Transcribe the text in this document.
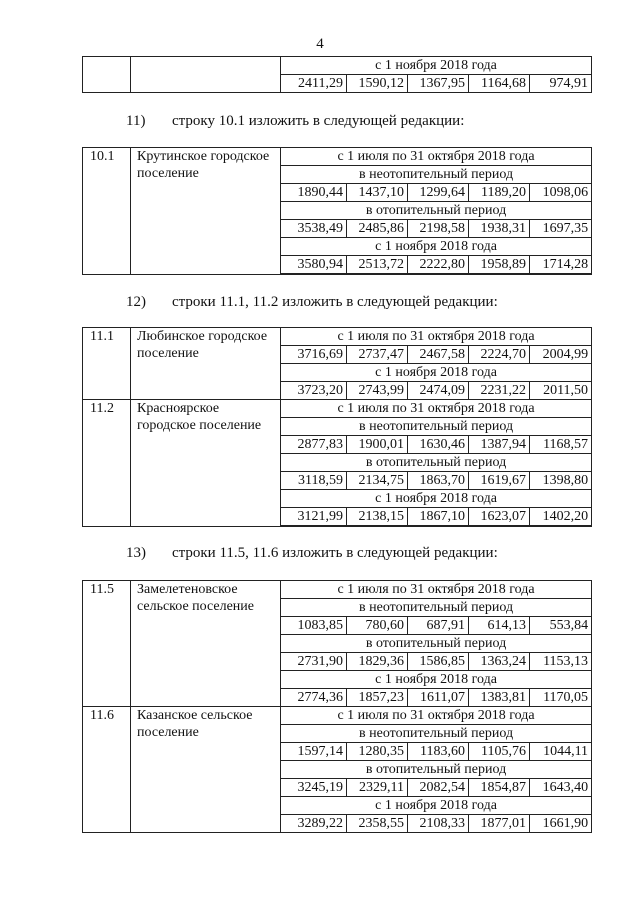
4
		с 1 ноября 2018 года				
		2411,29	1590,12	1367,95	1164,68	974,91
11) строку 10.1 изложить в следующей редакции:
10.1	Крутинское городское поселение	с 1 июля по 31 октября 2018 года				
		в неотопительный период				
		1890,44	1437,10	1299,64	1189,20	1098,06
		в отопительный период				
		3538,49	2485,86	2198,58	1938,31	1697,35
		с 1 ноября 2018 года				
		3580,94	2513,72	2222,80	1958,89	1714,28

12) строки 11.1, 11.2 изложить в следующей редакции:
11.1	Любинское городское поселение	с 1 июля по 31 октября 2018 года				
		3716,69	2737,47	2467,58	2224,70	2004,99
		с 1 ноября 2018 года				
		3723,20	2743,99	2474,09	2231,22	2011,50
11.2	Красноярское городское поселение	с 1 июля по 31 октября 2018 года				
		в неотопительный период				
		2877,83	1900,01	1630,46	1387,94	1168,57
		в отопительный период				
		3118,59	2134,75	1863,70	1619,67	1398,80
		с 1 ноября 2018 года				
		3121,99	2138,15	1867,10	1623,07	1402,20

13) строки 11.5, 11.6 изложить в следующей редакции:
11.5	Замелетеновское сельское поселение	с 1 июля по 31 октября 2018 года				
		в неотопительный период				
		1083,85	780,60	687,91	614,13	553,84
		в отопительный период				
		2731,90	1829,36	1586,85	1363,24	1153,13
		с 1 ноября 2018 года				
		2774,36	1857,23	1611,07	1383,81	1170,05
11.6	Казанское сельское поселение	с 1 июля по 31 октября 2018 года				
		в неотопительный период				
		1597,14	1280,35	1183,60	1105,76	1044,11
		в отопительный период				
		3245,19	2329,11	2082,54	1854,87	1643,40
		с 1 ноября 2018 года				
		3289,22	2358,55	2108,33	1877,01	1661,90
